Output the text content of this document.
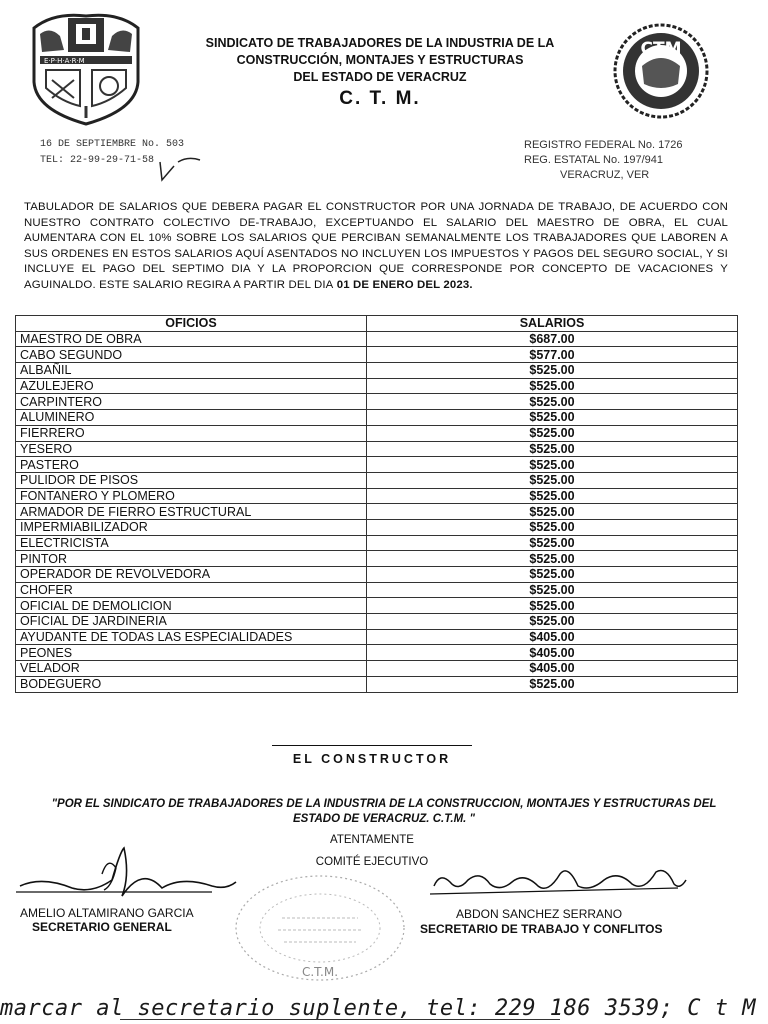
E·P·H·A·R·M
SINDICATO DE TRABAJADORES DE LA INDUSTRIA DE LA
CONSTRUCCIÓN, MONTAJES Y ESTRUCTURAS
DEL ESTADO DE VERACRUZ
C. T. M.
CTM
16 DE SEPTIEMBRE No. 503
TEL: 22-99-29-71-58
REGISTRO FEDERAL No. 1726
REG. ESTATAL No. 197/941
VERACRUZ, VER
TABULADOR DE SALARIOS QUE DEBERA PAGAR EL CONSTRUCTOR POR UNA JORNADA DE TRABAJO, DE ACUERDO CON NUESTRO CONTRATO COLECTIVO DE-TRABAJO, EXCEPTUANDO EL SALARIO DEL MAESTRO DE OBRA, EL CUAL AUMENTARA CON EL 10% SOBRE LOS SALARIOS QUE PERCIBAN SEMANALMENTE LOS TRABAJADORES QUE LABOREN A SUS ORDENES EN ESTOS SALARIOS AQUÍ ASENTADOS NO INCLUYEN LOS IMPUESTOS Y PAGOS DEL SEGURO SOCIAL, Y SI INCLUYE EL PAGO DEL SEPTIMO DIA Y LA PROPORCION QUE CORRESPONDE POR CONCEPTO DE VACACIONES Y AGUINALDO. ESTE SALARIO REGIRA A PARTIR DEL DIA 01 DE ENERO DEL 2023.
OFICIOS	SALARIOS
MAESTRO DE OBRA	$687.00
CABO SEGUNDO	$577.00
ALBAÑIL	$525.00
AZULEJERO	$525.00
CARPINTERO	$525.00
ALUMINERO	$525.00
FIERRERO	$525.00
YESERO	$525.00
PASTERO	$525.00
PULIDOR DE PISOS	$525.00
FONTANERO Y PLOMERO	$525.00
ARMADOR DE FIERRO ESTRUCTURAL	$525.00
IMPERMIABILIZADOR	$525.00
ELECTRICISTA	$525.00
PINTOR	$525.00
OPERADOR DE REVOLVEDORA	$525.00
CHOFER	$525.00
OFICIAL DE DEMOLICION	$525.00
OFICIAL DE JARDINERIA	$525.00
AYUDANTE DE TODAS LAS ESPECIALIDADES	$405.00
PEONES	$405.00
VELADOR	$405.00
BODEGUERO	$525.00
EL CONSTRUCTOR
"POR EL SINDICATO DE TRABAJADORES DE LA INDUSTRIA DE LA CONSTRUCCION, MONTAJES Y ESTRUCTURAS DEL ESTADO DE VERACRUZ. C.T.M. "
ATENTAMENTE
COMITÉ EJECUTIVO
C.T.M.
AMELIO ALTAMIRANO GARCIA
SECRETARIO GENERAL
ABDON SANCHEZ SERRANO
SECRETARIO DE TRABAJO Y CONFLITOS
marcar al secretario suplente, tel: 229 186 3539; C t M
